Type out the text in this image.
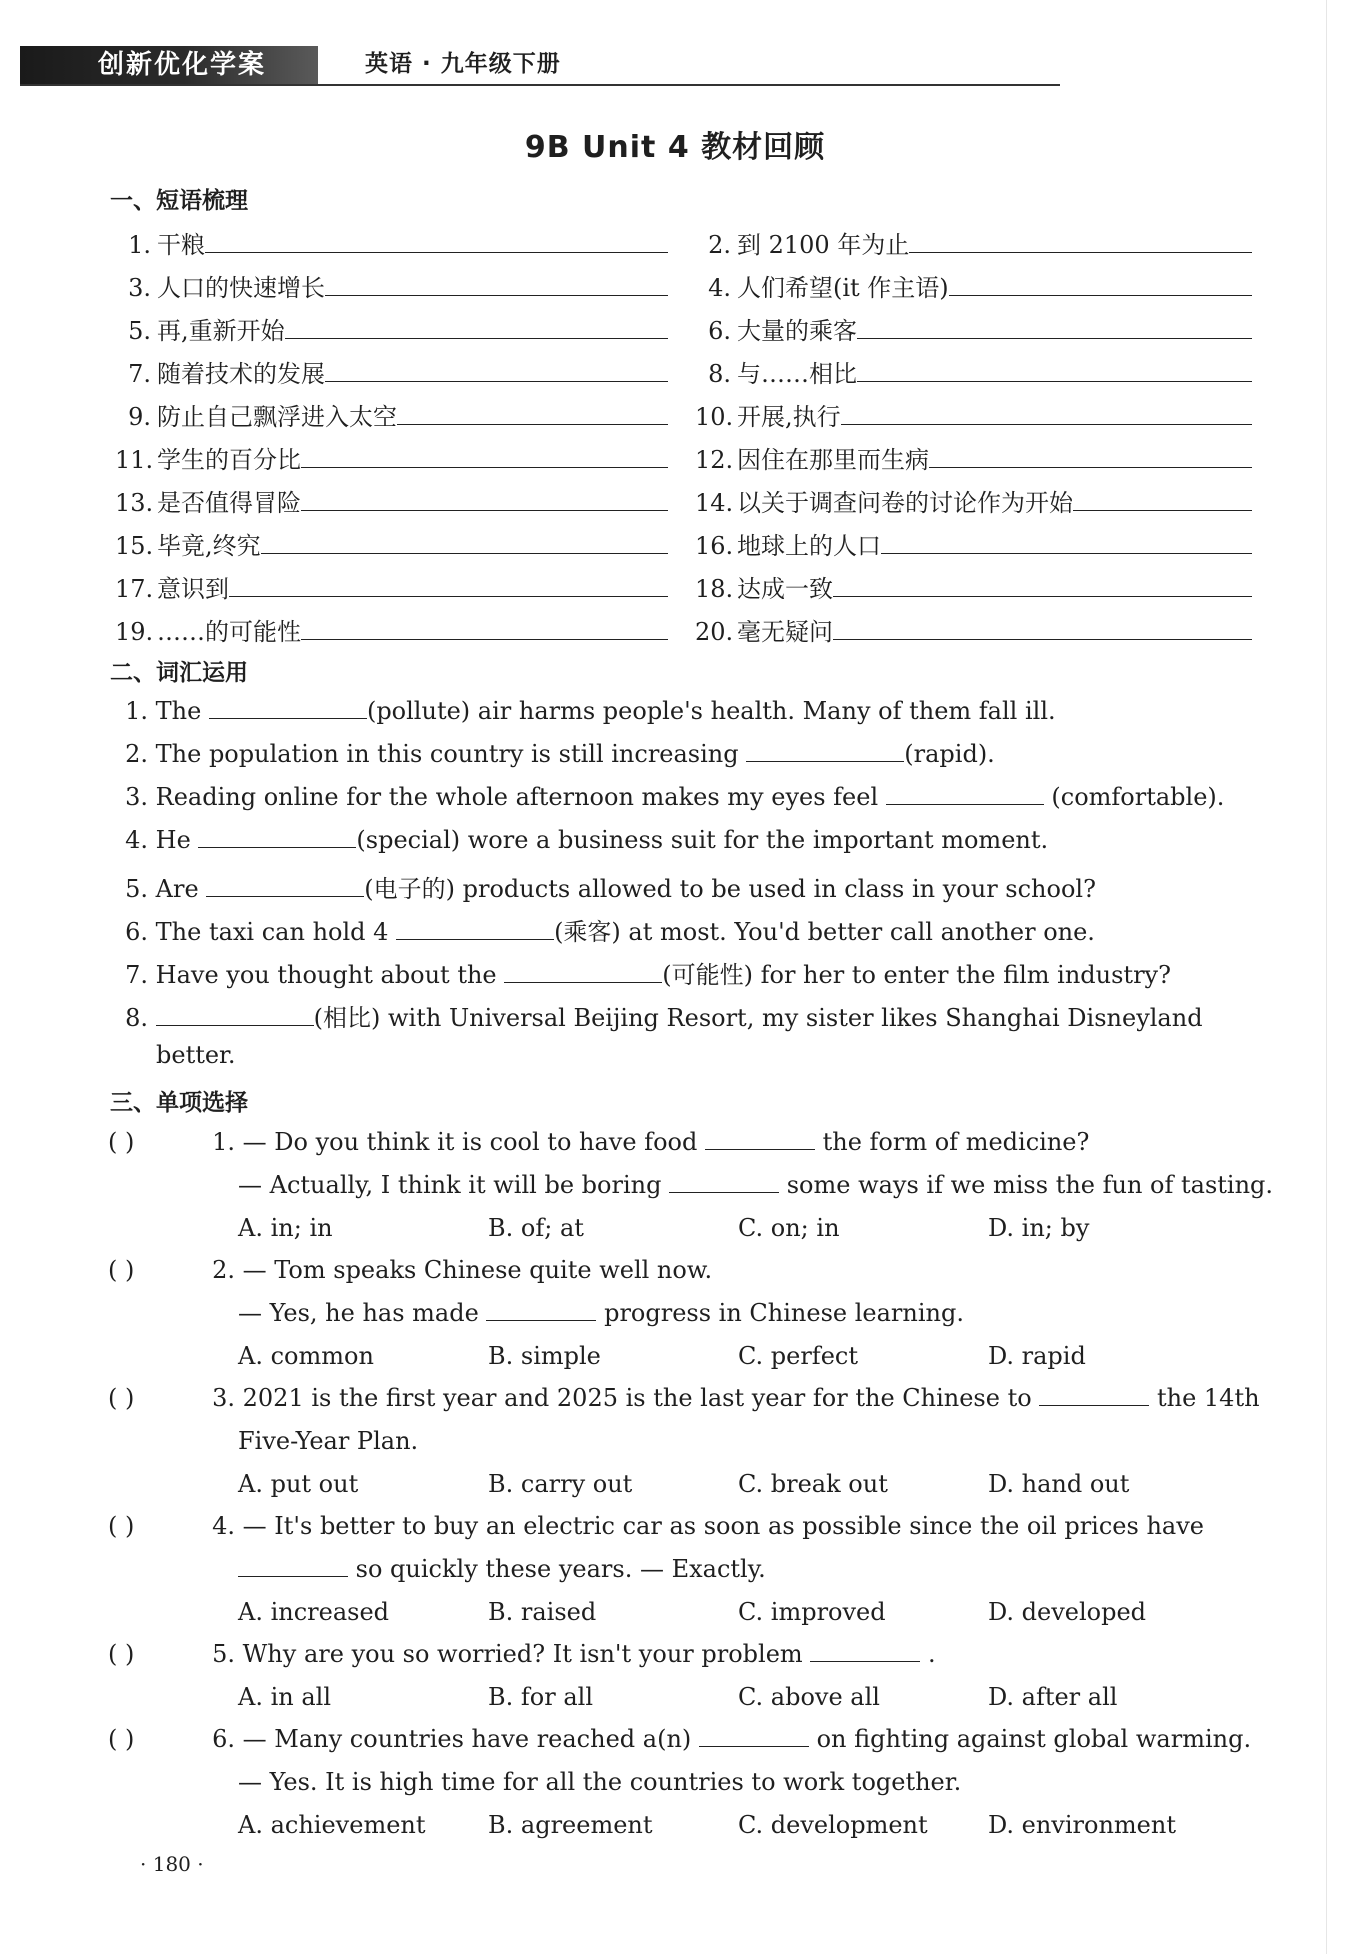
创新优化学案	英语 · 九年级下册
9B Unit 4 教材回顾
一、短语梳理
1. 干粮	2. 到 2100 年为止
3. 人口的快速增长	4. 人们希望(it 作主语)
5. 再,重新开始	6. 大量的乘客
7. 随着技术的发展	8. 与……相比
9. 防止自己飘浮进入太空	10. 开展,执行
11. 学生的百分比	12. 因住在那里而生病
13. 是否值得冒险	14. 以关于调查问卷的讨论作为开始
15. 毕竟,终究	16. 地球上的人口
17. 意识到	18. 达成一致
19. ……的可能性	20. 毫无疑问
二、词汇运用
1. The	(pollute) air harms people's health. Many of them fall ill.
2. The population in this country is still increasing	(rapid).
3. Reading online for the whole afternoon makes my eyes feel	(comfortable).
4. He	(special) wore a business suit for the important moment.
5. Are	(电子的) products allowed to be used in class in your school?
6. The taxi can hold 4	(乘客) at most. You'd better call another one.
7. Have you thought about the	(可能性) for her to enter the film industry?
8.	(相比) with Universal Beijing Resort, my sister likes Shanghai Disneyland
better.
三、单项选择
( )	1. — Do you think it is cool to have food	the form of medicine?
— Actually, I think it will be boring	some ways if we miss the fun of tasting.
A. in; in	B. of; at	C. on; in	D. in; by
( )	2. — Tom speaks Chinese quite well now.
— Yes, he has made	progress in Chinese learning.
A. common	B. simple	C. perfect	D. rapid
( )	3. 2021 is the first year and 2025 is the last year for the Chinese to	the 14th
Five-Year Plan.
A. put out	B. carry out	C. break out	D. hand out
( )	4. — It's better to buy an electric car as soon as possible since the oil prices have
so quickly these years. — Exactly.
A. increased	B. raised	C. improved	D. developed
( )	5. Why are you so worried? It isn't your problem	.
A. in all	B. for all	C. above all	D. after all
( )	6. — Many countries have reached a(n)	on fighting against global warming.
— Yes. It is high time for all the countries to work together.
A. achievement	B. agreement	C. development	D. environment
· 180 ·
